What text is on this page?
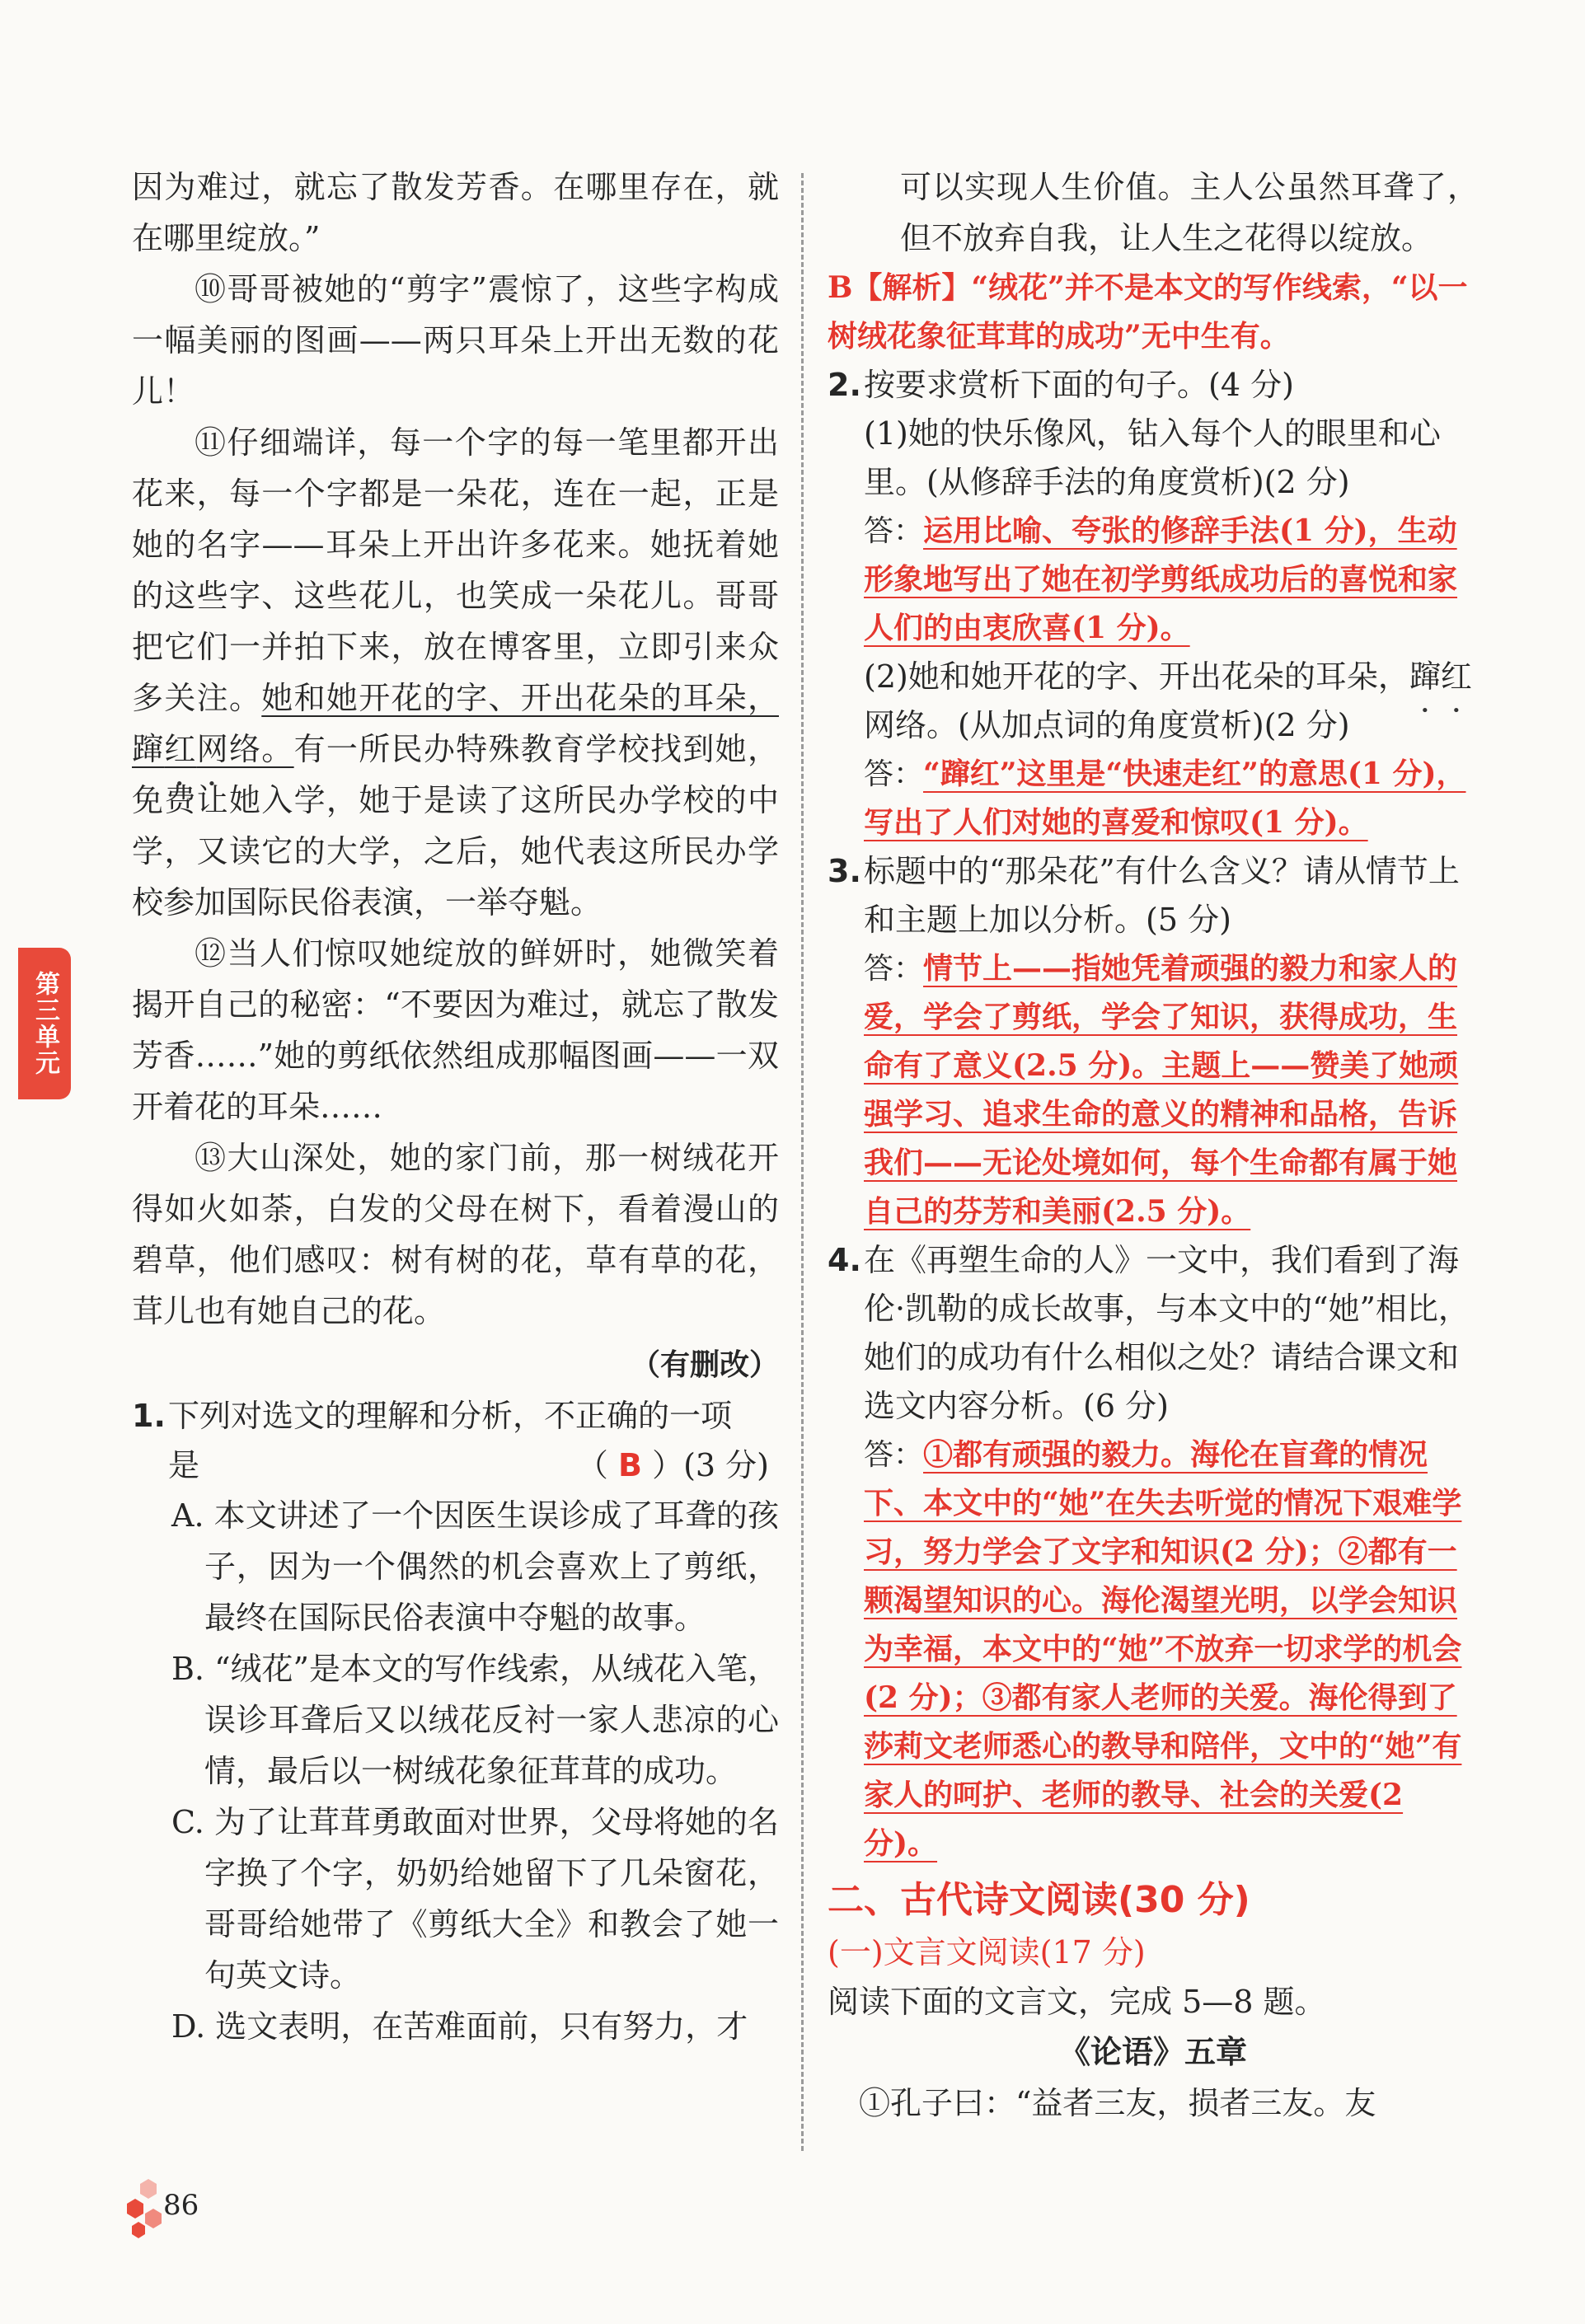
第三单元

因为难过，就忘了散发芳香。在哪里存在，就在哪里绽放。”

⑩哥哥被她的“剪字”震惊了，这些字构成一幅美丽的图画——两只耳朵上开出无数的花儿！

⑪仔细端详，每一个字的每一笔里都开出花来，每一个字都是一朵花，连在一起，正是她的名字——耳朵上开出许多花来。她抚着她的这些字、这些花儿，也笑成一朵花儿。哥哥把它们一并拍下来，放在博客里，立即引来众多关注。她和她开花的字、开出花朵的耳朵，蹿红网络。有一所民办特殊教育学校找到她，免费让她入学，她于是读了这所民办学校的中学，又读它的大学，之后，她代表这所民办学校参加国际民俗表演，一举夺魁。

⑫当人们惊叹她绽放的鲜妍时，她微笑着揭开自己的秘密：“不要因为难过，就忘了散发芳香……”她的剪纸依然组成那幅图画——一双开着花的耳朵……

⑬大山深处，她的家门前，那一树绒花开得如火如荼，白发的父母在树下，看着漫山的碧草，他们感叹：树有树的花，草有草的花，茸儿也有她自己的花。

（有删改）

1. 下列对选文的理解和分析，不正确的一项
是	（ B ）(3 分)

A. 本文讲述了一个因医生误诊成了耳聋的孩子，因为一个偶然的机会喜欢上了剪纸，最终在国际民俗表演中夺魁的故事。

B. “绒花”是本文的写作线索，从绒花入笔，误诊耳聋后又以绒花反衬一家人悲凉的心情，最后以一树绒花象征茸茸的成功。

C. 为了让茸茸勇敢面对世界，父母将她的名字换了个字，奶奶给她留下了几朵窗花，哥哥给她带了《剪纸大全》和教会了她一句英文诗。

D. 选文表明，在苦难面前，只有努力，才

可以实现人生价值。主人公虽然耳聋了，但不放弃自我，让人生之花得以绽放。

B【解析】“绒花”并不是本文的写作线索，“以一树绒花象征茸茸的成功”无中生有。

2. 按要求赏析下面的句子。(4 分)

(1)她的快乐像风，钻入每个人的眼里和心里。(从修辞手法的角度赏析)(2 分)

答：运用比喻、夸张的修辞手法(1 分)，生动形象地写出了她在初学剪纸成功后的喜悦和家人们的由衷欣喜(1 分)。

(2)她和她开花的字、开出花朵的耳朵，蹿红网络。(从加点词的角度赏析)(2 分)

答：“蹿红”这里是“快速走红”的意思(1 分)，写出了人们对她的喜爱和惊叹(1 分)。

3. 标题中的“那朵花”有什么含义？请从情节上和主题上加以分析。(5 分)

答：情节上——指她凭着顽强的毅力和家人的爱，学会了剪纸，学会了知识，获得成功，生命有了意义(2.5 分)。主题上——赞美了她顽强学习、追求生命的意义的精神和品格，告诉我们——无论处境如何，每个生命都有属于她自己的芬芳和美丽(2.5 分)。

4. 在《再塑生命的人》一文中，我们看到了海伦·凯勒的成长故事，与本文中的“她”相比，她们的成功有什么相似之处？请结合课文和选文内容分析。(6 分)

答：①都有顽强的毅力。海伦在盲聋的情况下、本文中的“她”在失去听觉的情况下艰难学习，努力学会了文字和知识(2 分)；②都有一颗渴望知识的心。海伦渴望光明，以学会知识为幸福，本文中的“她”不放弃一切求学的机会(2 分)；③都有家人老师的关爱。海伦得到了莎莉文老师悉心的教导和陪伴，文中的“她”有家人的呵护、老师的教导、社会的关爱(2 分)。

二、古代诗文阅读(30 分)
(一)文言文阅读(17 分)

阅读下面的文言文，完成 5—8 题。

《论语》五章

①孔子曰：“益者三友，损者三友。友

86
